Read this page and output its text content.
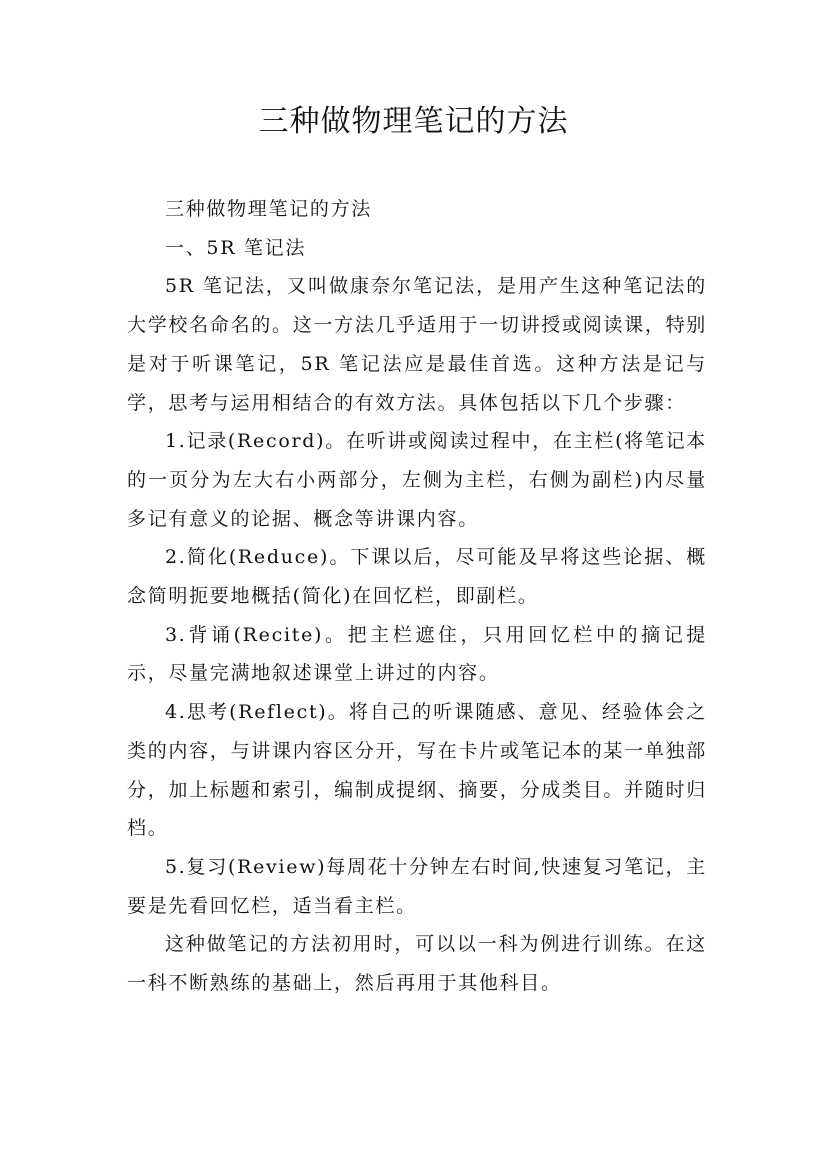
三种做物理笔记的方法

三种做物理笔记的方法

一、5R 笔记法

5R 笔记法，又叫做康奈尔笔记法，是用产生这种笔记法的大学校名命名的。这一方法几乎适用于一切讲授或阅读课，特别是对于听课笔记，5R 笔记法应是最佳首选。这种方法是记与学，思考与运用相结合的有效方法。具体包括以下几个步骤：

1.记录(Record)。在听讲或阅读过程中，在主栏(将笔记本的一页分为左大右小两部分，左侧为主栏，右侧为副栏)内尽量多记有意义的论据、概念等讲课内容。

2.简化(Reduce)。下课以后，尽可能及早将这些论据、概念简明扼要地概括(简化)在回忆栏，即副栏。

3.背诵(Recite)。把主栏遮住，只用回忆栏中的摘记提示，尽量完满地叙述课堂上讲过的内容。

4.思考(Reflect)。将自己的听课随感、意见、经验体会之类的内容，与讲课内容区分开，写在卡片或笔记本的某一单独部分，加上标题和索引，编制成提纲、摘要，分成类目。并随时归档。

5.复习(Review)每周花十分钟左右时间,快速复习笔记，主要是先看回忆栏，适当看主栏。

这种做笔记的方法初用时，可以以一科为例进行训练。在这一科不断熟练的基础上，然后再用于其他科目。
